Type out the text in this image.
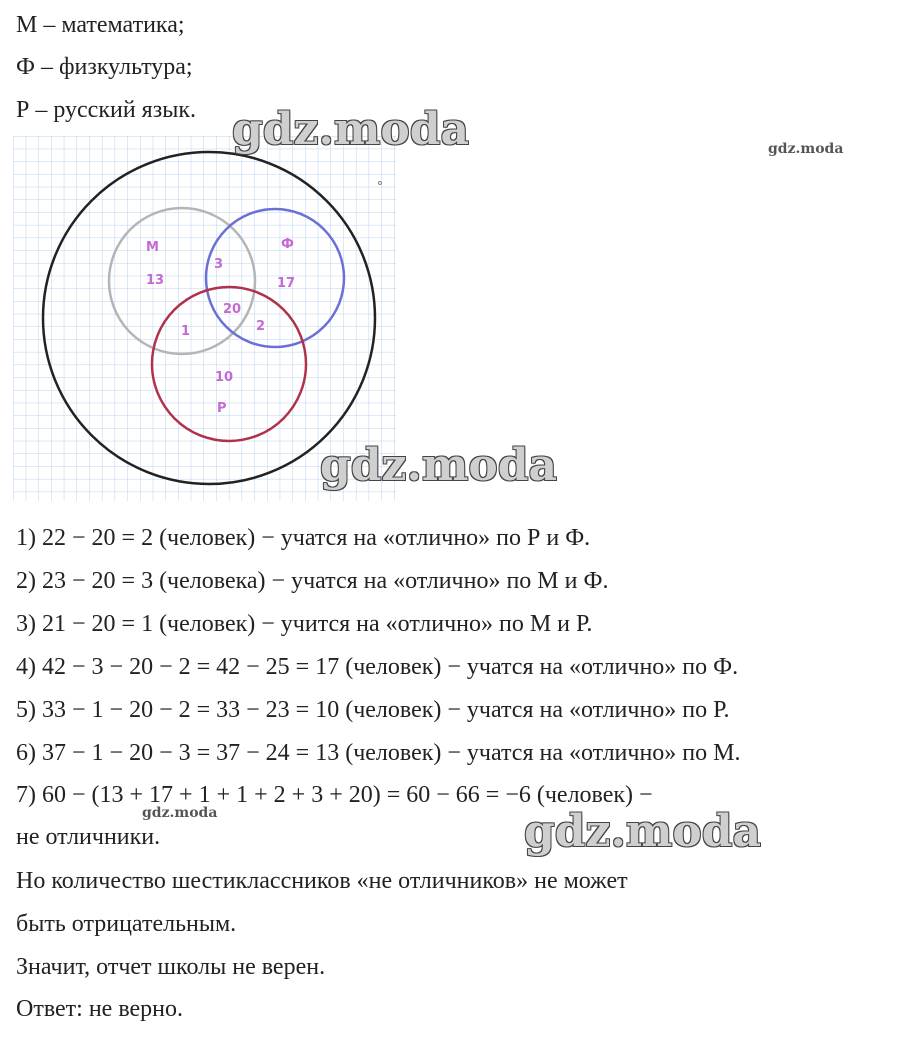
М – математика;
Ф – физкультура;
Р – русский язык.
М
13
3
Ф
17
20
1	2
10
Р
1) 22 − 20 = 2 (человек) − учатся на «отлично» по Р и Ф.
2) 23 − 20 = 3 (человека) − учатся на «отлично» по М и Ф.
3) 21 − 20 = 1 (человек) − учится на «отлично» по М и Р.
4) 42 − 3 − 20 − 2 = 42 − 25 = 17 (человек) − учатся на «отлично» по Ф.
5) 33 − 1 − 20 − 2 = 33 − 23 = 10 (человек) − учатся на «отлично» по Р.
6) 37 − 1 − 20 − 3 = 37 − 24 = 13 (человек) − учатся на «отлично» по М.
7) 60 − (13 + 17 + 1 + 1 + 2 + 3 + 20) = 60 − 66 = −6 (человек) −
не отличники.
Но количество шестиклассников «не отличников» не может
быть отрицательным.
Значит, отчет школы не верен.
Ответ: не верно.
gdz.moda	gdz.moda
gdz.moda
gdz.moda	gdz.moda
